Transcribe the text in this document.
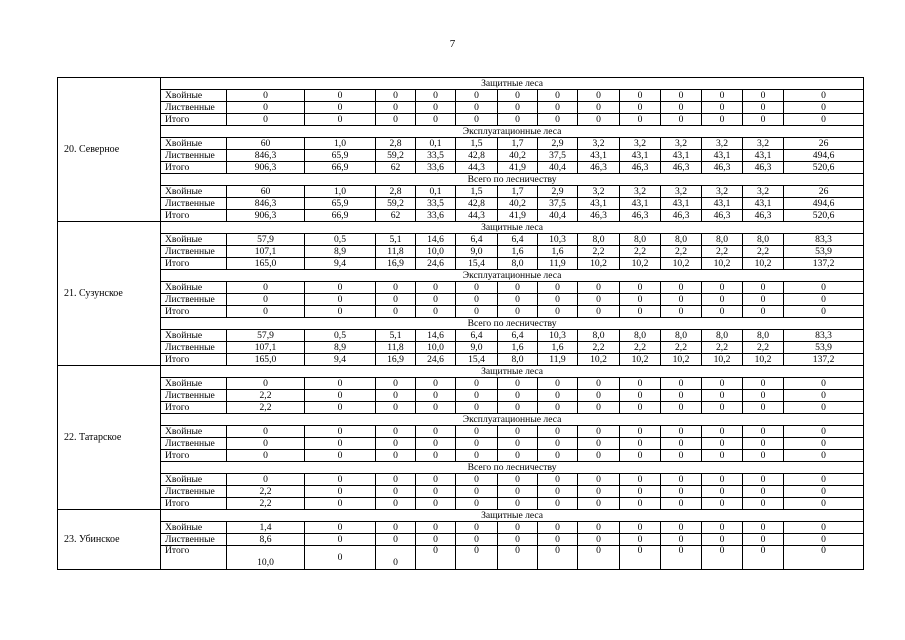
7
20. Северное	Защитные леса													
	Хвойные	0	0	0	0	0	0	0	0	0	0	0	0	0
	Лиственные	0	0	0	0	0	0	0	0	0	0	0	0	0
	Итого	0	0	0	0	0	0	0	0	0	0	0	0	0
	Эксплуатационные леса													
	Хвойные	60	1,0	2,8	0,1	1,5	1,7	2,9	3,2	3,2	3,2	3,2	3,2	26
	Лиственные	846,3	65,9	59,2	33,5	42,8	40,2	37,5	43,1	43,1	43,1	43,1	43,1	494,6
	Итого	906,3	66,9	62	33,6	44,3	41,9	40,4	46,3	46,3	46,3	46,3	46,3	520,6
	Всего по лесничеству													
	Хвойные	60	1,0	2,8	0,1	1,5	1,7	2,9	3,2	3,2	3,2	3,2	3,2	26
	Лиственные	846,3	65,9	59,2	33,5	42,8	40,2	37,5	43,1	43,1	43,1	43,1	43,1	494,6
	Итого	906,3	66,9	62	33,6	44,3	41,9	40,4	46,3	46,3	46,3	46,3	46,3	520,6
21. Сузунское	Защитные леса													
	Хвойные	57,9	0,5	5,1	14,6	6,4	6,4	10,3	8,0	8,0	8,0	8,0	8,0	83,3
	Лиственные	107,1	8,9	11,8	10,0	9,0	1,6	1,6	2,2	2,2	2,2	2,2	2,2	53,9
	Итого	165,0	9,4	16,9	24,6	15,4	8,0	11,9	10,2	10,2	10,2	10,2	10,2	137,2
	Эксплуатационные леса													
	Хвойные	0	0	0	0	0	0	0	0	0	0	0	0	0
	Лиственные	0	0	0	0	0	0	0	0	0	0	0	0	0
	Итого	0	0	0	0	0	0	0	0	0	0	0	0	0
	Всего по лесничеству													
	Хвойные	57,9	0,5	5,1	14,6	6,4	6,4	10,3	8,0	8,0	8,0	8,0	8,0	83,3
	Лиственные	107,1	8,9	11,8	10,0	9,0	1,6	1,6	2,2	2,2	2,2	2,2	2,2	53,9
	Итого	165,0	9,4	16,9	24,6	15,4	8,0	11,9	10,2	10,2	10,2	10,2	10,2	137,2
22. Татарское	Защитные леса													
	Хвойные	0	0	0	0	0	0	0	0	0	0	0	0	0
	Лиственные	2,2	0	0	0	0	0	0	0	0	0	0	0	0
	Итого	2,2	0	0	0	0	0	0	0	0	0	0	0	0
	Эксплуатационные леса													
	Хвойные	0	0	0	0	0	0	0	0	0	0	0	0	0
	Лиственные	0	0	0	0	0	0	0	0	0	0	0	0	0
	Итого	0	0	0	0	0	0	0	0	0	0	0	0	0
	Всего по лесничеству													
	Хвойные	0	0	0	0	0	0	0	0	0	0	0	0	0
	Лиственные	2,2	0	0	0	0	0	0	0	0	0	0	0	0
	Итого	2,2	0	0	0	0	0	0	0	0	0	0	0	0
23. Убинское	Защитные леса													
	Хвойные	1,4	0	0	0	0	0	0	0	0	0	0	0	0
	Лиственные	8,6	0	0	0	0	0	0	0	0	0	0	0	0
	Итого	10,0	0	0	0	0	0	0	0	0	0	0	0	0
